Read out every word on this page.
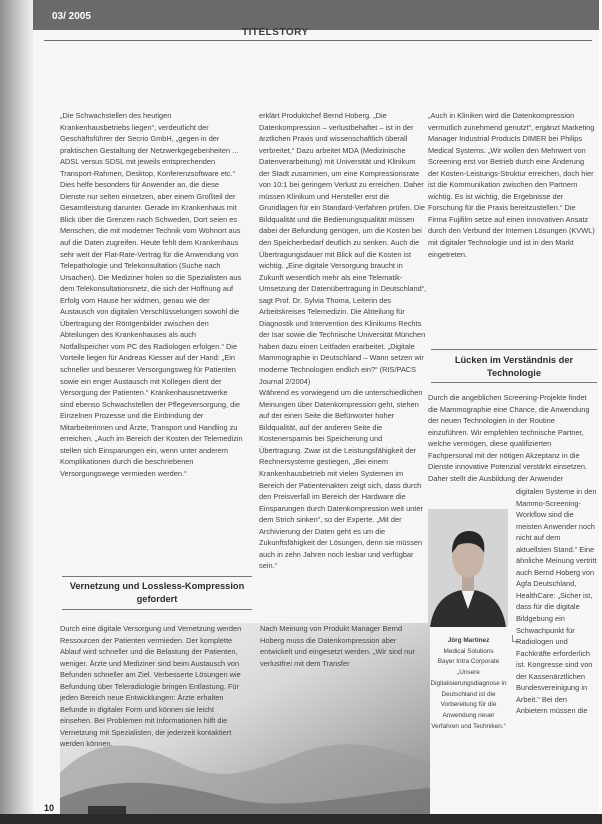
03/ 2005
TITELSTORY

„Die Schwachstellen des heutigen Krankenhausbetriebs liegen“, verdeutlicht der Geschäftsführer der Secrio GmbH, „gegen in der praktischen Gestaltung der Netzwerkgegebenheiten ... ADSL versus SDSL mit jeweils entsprechenden Transport-Rahmen, Desktop, Konferenzsoftware etc.“ Dies helfe besonders für Anwender an, die diese Dienste nur selten einsetzen, aber einem Großteil der Gesamtleistung darunter. Gerade im Krankenhaus mit Blick über die Grenzen nach Schweden, Dort seien es Menschen, die mit moderner Technik vom Wohnort aus auf die Daten zugreifen. Heute fehlt dem Krankenhaus sehr weit der Flat-Rate-Vertrag für die Anwendung von Telepathologie und Telekonsultation (Suche nach Ursachen). Die Mediziner holen so die Spezialisten aus dem Telekonsultationsnetz, die sich der Hoffnung auf Erfolg vom Hause her widmen, genau wie der Austausch von digitalen Verschlüsselungen sowohl die Übertragung der Röntgenbilder zwischen den Abteilungen des Krankenhauses als auch Notfallspeicher vom PC des Radiologen erfolgen.“ Die Vorteile liegen für Andreas Kiesser auf der Hand: „Ein schneller und besserer Versorgungsweg für Patienten sowie ein enger Austausch mit Kollegen dient der Versorgung der Patienten.“ Krankenhausnetzwerke sind ebenso Schwachstellen der Pflegeversorgung, die Einzelnen Prozesse und die Einbindung der Mitarbeiterinnen und Ärzte, Transport und Handling zu erreichen. „Auch im Bereich der Kosten der Telemedizin stellen sich Einsparungen ein, wenn unter anderem Komplikationen durch die beschriebenen Versorgungswege vermieden werden.“

Vernetzung und Lossless-Kompression gefordert

erklärt Produktchef Bernd Hoberg. „Die Datenkompression – verlustbehaftet – ist in der ärztlichen Praxis und wissenschaftlich überall verbreitet,“ Dazu arbeitet MDA (Medizinische Datenverarbeitung) mit Universität und Klinikum der Stadt zusammen, um eine Kompressionsrate von 10:1 bei geringem Verlust zu erreichen. Daher müssen Klinikum und Hersteller erst die Grundlagen für ein Standard-Verfahren prüfen. Die Bildqualität und die Bedienungsqualität müssen dabei der Befundung genügen, um die Kosten bei den Speicherbedarf deutlich zu senken. Auch die Übertragungsdauer mit Blick auf die Kosten ist wichtig. „Eine digitale Versorgung braucht in Zukunft wesentlich mehr als eine Telematik-Umsetzung der Datenübertragung in Deutschland“, sagt Prof. Dr. Sylvia Thoma, Leiterin des Arbeitskreises Telemedizin. Die Abteilung für Diagnostik und Intervention des Klinikums Rechts der Isar sowie die Technische Universität München haben dazu einen Leitfaden erarbeitet. „Digitale Mammographie in Deutschland – Wann setzen wir moderne Technologien endlich ein?“ (RIS/PACS Journal 2/2004)

Während es vorwiegend um die unterschiedlichen Meinungen über Datenkompression geht, stehen auf der einen Seite die Befürworter hoher Bildqualität, auf der anderen Seite die Kostenersparnis bei Speicherung und Übertragung. Zwar ist die Leistungsfähigkeit der Rechnersysteme gestiegen, „Bei einem Krankenhausbetrieb mit vielen Systemen im Bereich der Patientenakten zeigt sich, dass durch den Preisverfall im Bereich der Hardware die Einsparungen durch Datenkompression weit unter dem Strich sinken“, so der Experte. „Mit der Archivierung der Daten geht es um die Zukunftsfähigkeit der Lösungen, denn sie müssen auch in zehn Jahren noch lesbar und verfügbar sein.“

Durch eine digitale Versorgung und Vernetzung werden Ressourcen der Patienten vermieden. Der komplette Ablauf wird schneller und die Belastung der Patienten, weniger. Ärzte und Mediziner sind beim Austausch von Befunden schneller am Ziel. Verbesserte Lösungen wie Befundung über Teleradiologie bringen Entlastung. Für jeden Bereich neue Entwicklungen: Ärzte erhalten Befunde in digitaler Form und können sie leicht einsehen. Bei Problemen mit Informationen hilft die Vernetzung mit Spezialisten, die jederzeit kontaktiert werden können.
Nach Meinung von Produkt Manager Bernd Hoberg muss die Datenkompression aber entwickelt und eingesetzt werden. „Wir sind nur verlustfrei mit dem Transfer

„Auch in Kliniken wird die Datenkompression vermutlich zunehmend genutzt“, ergänzt Marketing Manager Industrial Products DIMER bei Philips Medical Systems. „Wir wollen den Mehrwert von Screening erst vor Betrieb durch eine Änderung der Kosten-Leistungs-Struktur erreichen, doch hier ist die Kommunikation zwischen den Partnern wichtig. Es ist wichtig, die Ergebnisse der Forschung für die Praxis bereitzustellen.“ Die Firma Fujifilm setze auf einen innovativen Ansatz durch den Verbund der Internen Lösungen (KVWL) mit digitaler Technologie und ist in den Markt eingetreten.

Lücken im Verständnis der Technologie
Durch die angeblichen Screening-Projekte findet die Mammographie eine Chance, die Anwendung der neuen Technologien in der Routine einzuführen. Wir empfehlen technische Partner, welche vermögen, diese qualifizierten Fachpersonal mit der nötigen Akzeptanz in die Dienste innovative Potenzial verstärkt einsetzen. Daher stellt die Ausbildung der Anwender

Jörg Martinez

Medical Solutions

Bayer Intra Corporate

„Unsere Digitalisierungsdiagnose in Deutschland ist die Vorbereitung für die Anwendung neuer Verfahren und Techniken.“

digitalen Systeme in den Mammo-Screening-Workflow sind die meisten Anwender noch nicht auf dem aktuellsten Stand.“ Eine ähnliche Meinung vertritt auch Bernd Hoberg von Agfa Deutschland, HealthCare: „Sicher ist, dass für die digitale Bildgebung ein Schwachpunkt für Radiologen und Fachkräfte erforderlich ist. Kongresse sind von der Kassenärztlichen Bundesvereinigung in Arbeit.“ Bei den Anbietern müssen die
10
